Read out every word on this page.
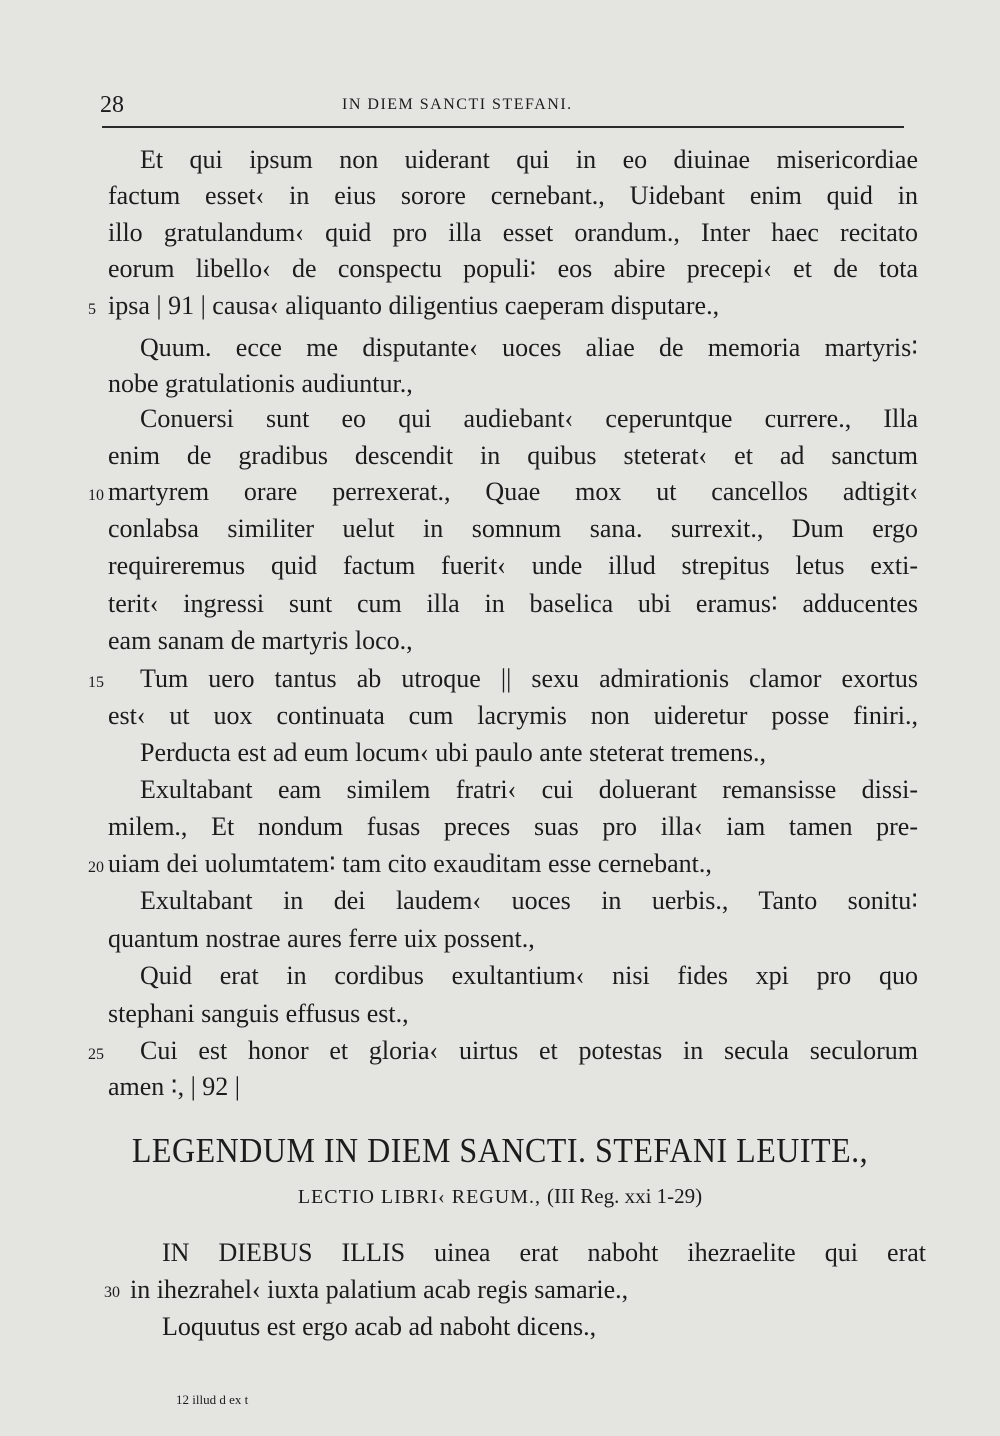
28	IN DIEM SANCTI STEFANI.
Et qui ipsum non uiderant qui in eo diuinae misericordiae
factum esset‹ in eius sorore cernebant., Uidebant enim quid in
illo gratulandum‹ quid pro illa esset orandum., Inter haec recitato
eorum libello‹ de conspectu populi∶ eos abire precepi‹ et de tota
ipsa | 91 | causa‹ aliquanto diligentius caeperam disputare.,
Quum. ecce me disputante‹ uoces aliae de memoria martyris∶
nobe gratulationis audiuntur.,
Conuersi sunt eo qui audiebant‹ ceperuntque currere., Illa
enim de gradibus descendit in quibus steterat‹ et ad sanctum
martyrem orare perrexerat., Quae mox ut cancellos adtigit‹
conlabsa similiter uelut in somnum sana. surrexit., Dum ergo
requireremus quid factum fuerit‹ unde illud strepitus letus exti-
terit‹ ingressi sunt cum illa in baselica ubi eramus∶ adducentes
eam sanam de martyris loco.,
Tum uero tantus ab utroque || sexu admirationis clamor exortus
est‹ ut uox continuata cum lacrymis non uideretur posse finiri.,
Perducta est ad eum locum‹ ubi paulo ante steterat tremens.,
Exultabant eam similem fratri‹ cui doluerant remansisse dissi-
milem., Et nondum fusas preces suas pro illa‹ iam tamen pre-
uiam dei uolumtatem∶ tam cito exauditam esse cernebant.,
Exultabant in dei laudem‹ uoces in uerbis., Tanto sonitu∶
quantum nostrae aures ferre uix possent.,
Quid erat in cordibus exultantium‹ nisi fides xpi pro quo
stephani sanguis effusus est.,
Cui est honor et gloria‹ uirtus et potestas in secula seculorum
amen ∶, | 92 |
5
10
15
20
25
LEGENDUM IN DIEM SANCTI. STEFANI LEUITE.,
LECTIO LIBRI‹ REGUM., (III Reg. xxi 1-29)
IN DIEBUS ILLIS uinea erat naboht ihezraelite qui erat
in ihezrahel‹ iuxta palatium acab regis samarie.,
Loquutus est ergo acab ad naboht dicens.,
30
12 illud d ex t
